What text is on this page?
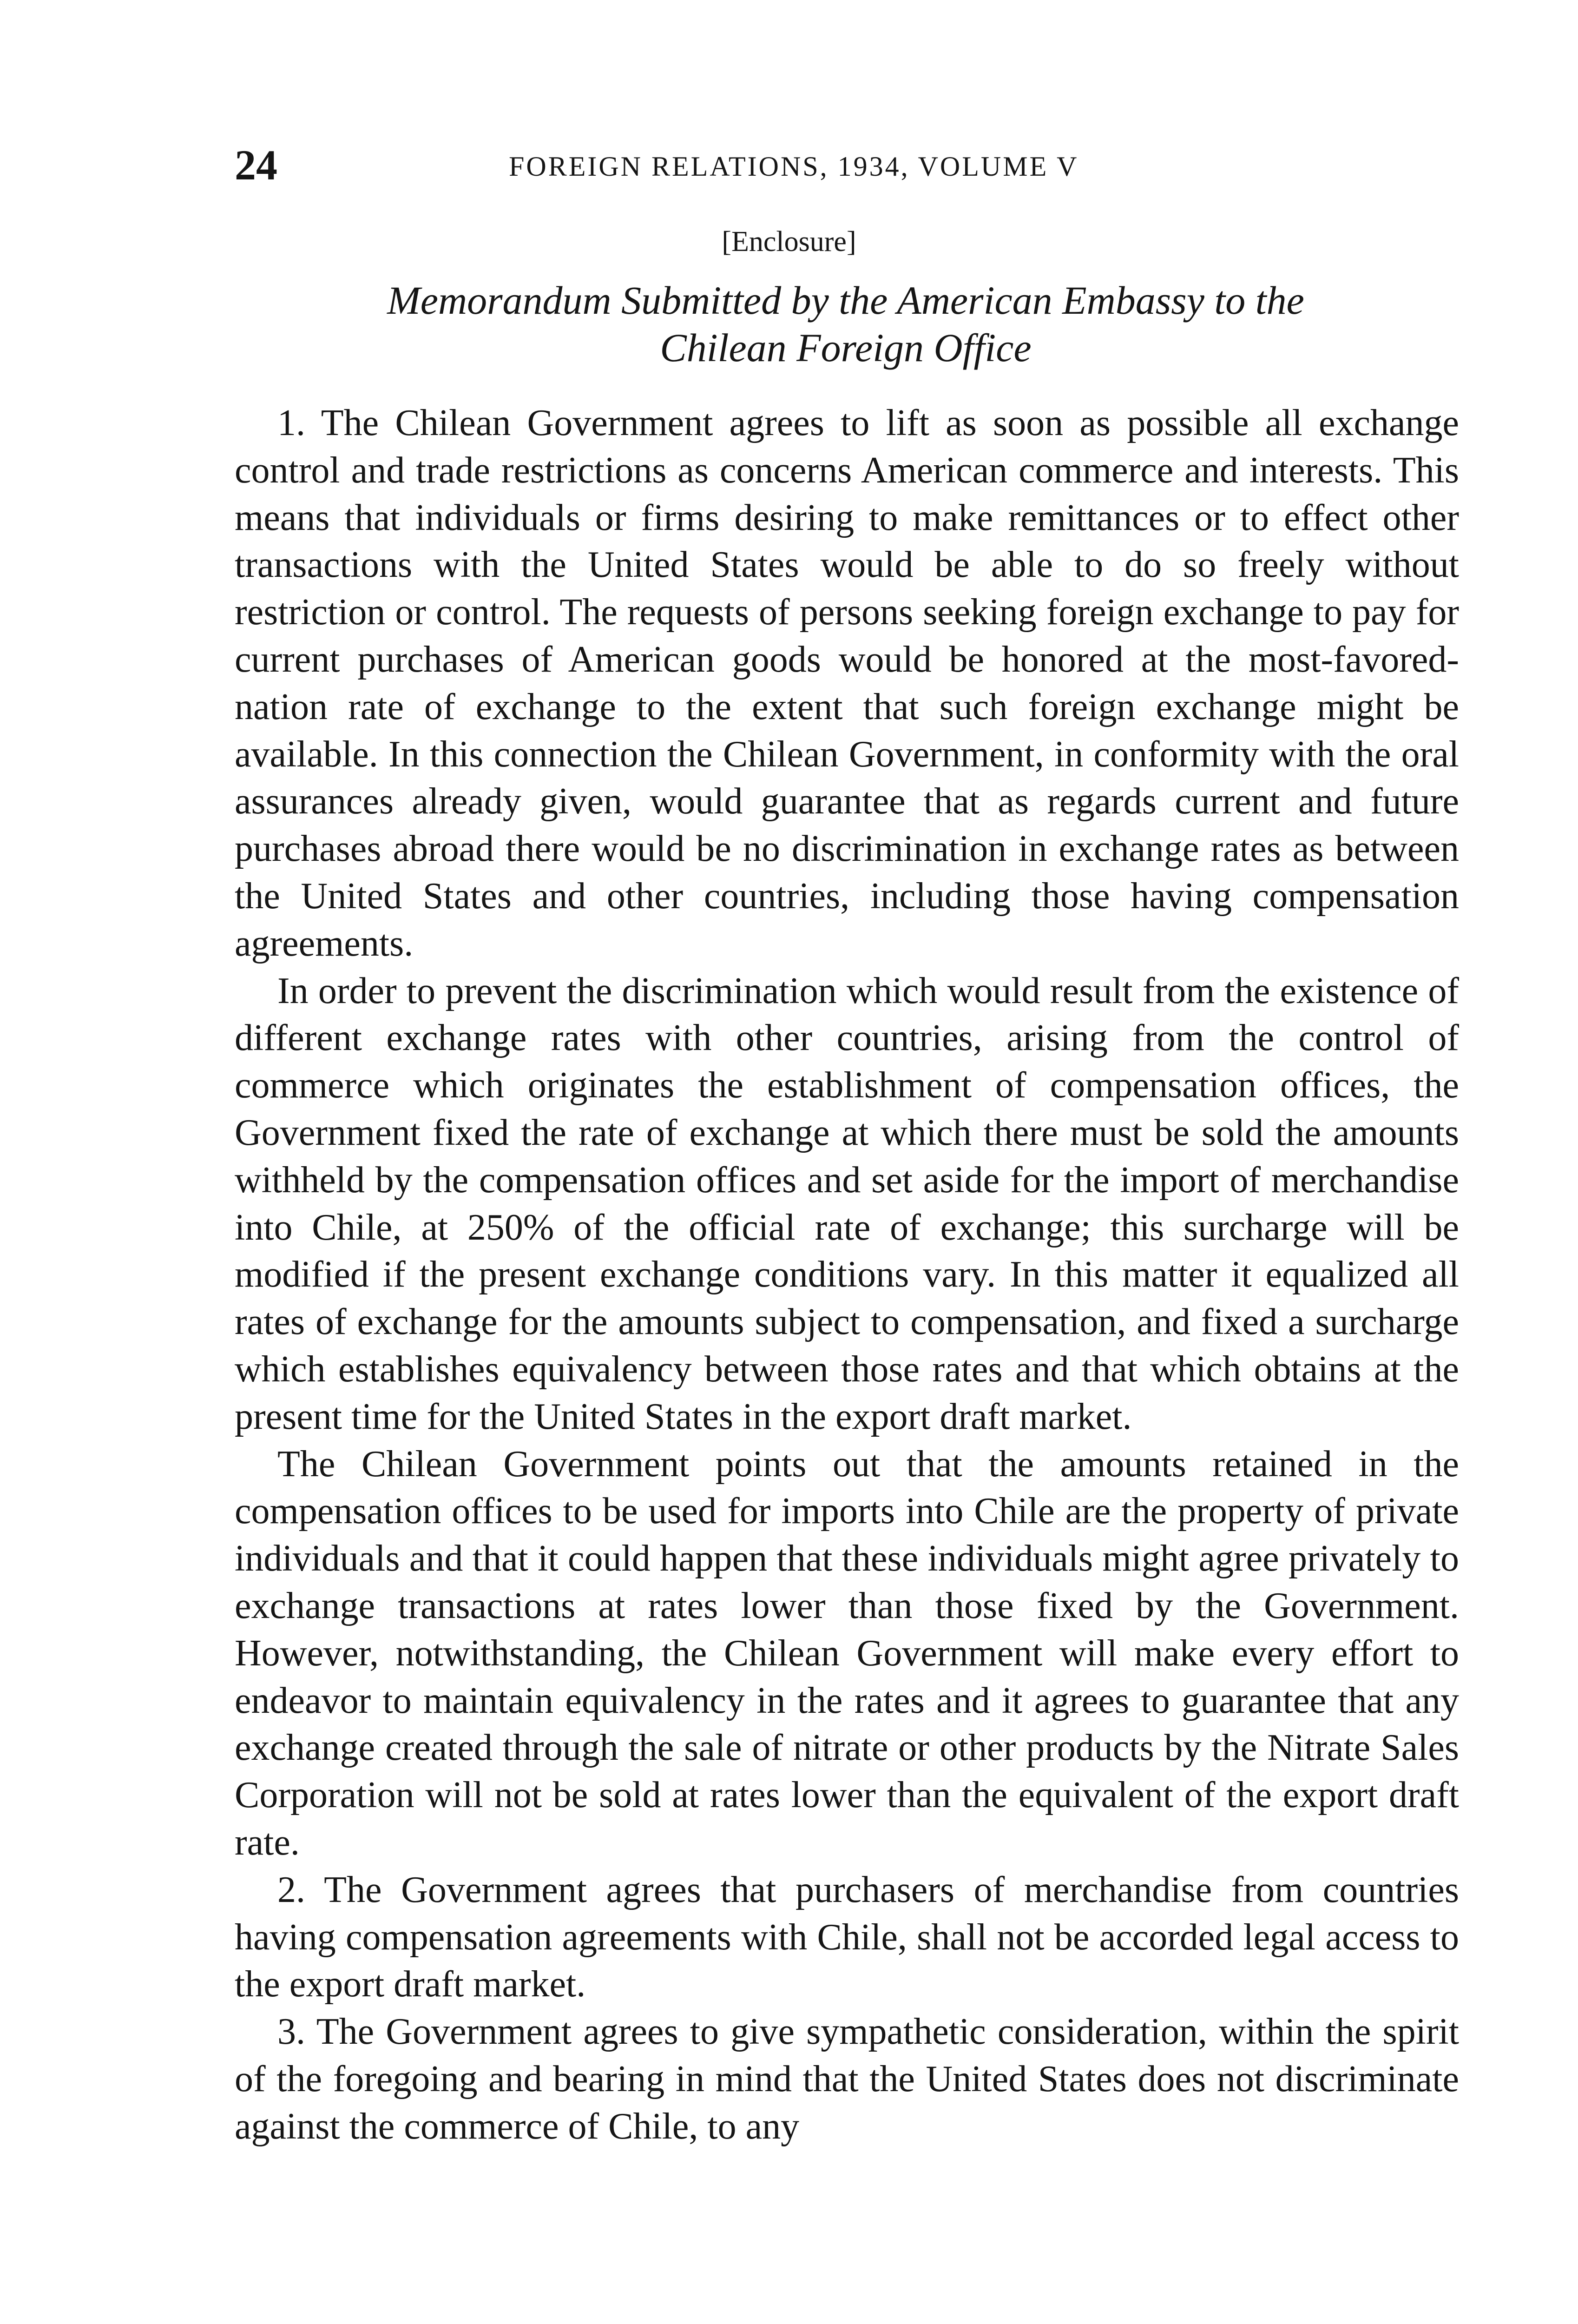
24	FOREIGN RELATIONS, 1934, VOLUME V
[Enclosure]
Memorandum Submitted by the American Embassy to the
Chilean Foreign Office

1. The Chilean Government agrees to lift as soon as possible all exchange control and trade restrictions as concerns American commerce and interests. This means that individuals or firms desiring to make remittances or to effect other transactions with the United States would be able to do so freely without restriction or control. The requests of persons seeking foreign exchange to pay for current purchases of American goods would be honored at the most-favored-nation rate of exchange to the extent that such foreign exchange might be available. In this connection the Chilean Government, in conformity with the oral assurances already given, would guarantee that as regards current and future purchases abroad there would be no discrimination in exchange rates as between the United States and other countries, including those having compensation agreements.

In order to prevent the discrimination which would result from the existence of different exchange rates with other countries, arising from the control of commerce which originates the establishment of compensation offices, the Government fixed the rate of exchange at which there must be sold the amounts withheld by the compensation offices and set aside for the import of merchandise into Chile, at 250% of the official rate of exchange; this surcharge will be modified if the present exchange conditions vary. In this matter it equalized all rates of exchange for the amounts subject to compensation, and fixed a surcharge which establishes equivalency between those rates and that which obtains at the present time for the United States in the export draft market.

The Chilean Government points out that the amounts retained in the compensation offices to be used for imports into Chile are the property of private individuals and that it could happen that these individuals might agree privately to exchange transactions at rates lower than those fixed by the Government. However, notwithstanding, the Chilean Government will make every effort to endeavor to maintain equivalency in the rates and it agrees to guarantee that any exchange created through the sale of nitrate or other products by the Nitrate Sales Corporation will not be sold at rates lower than the equivalent of the export draft rate.

2. The Government agrees that purchasers of merchandise from countries having compensation agreements with Chile, shall not be accorded legal access to the export draft market.

3. The Government agrees to give sympathetic consideration, within the spirit of the foregoing and bearing in mind that the United States does not discriminate against the commerce of Chile, to any
